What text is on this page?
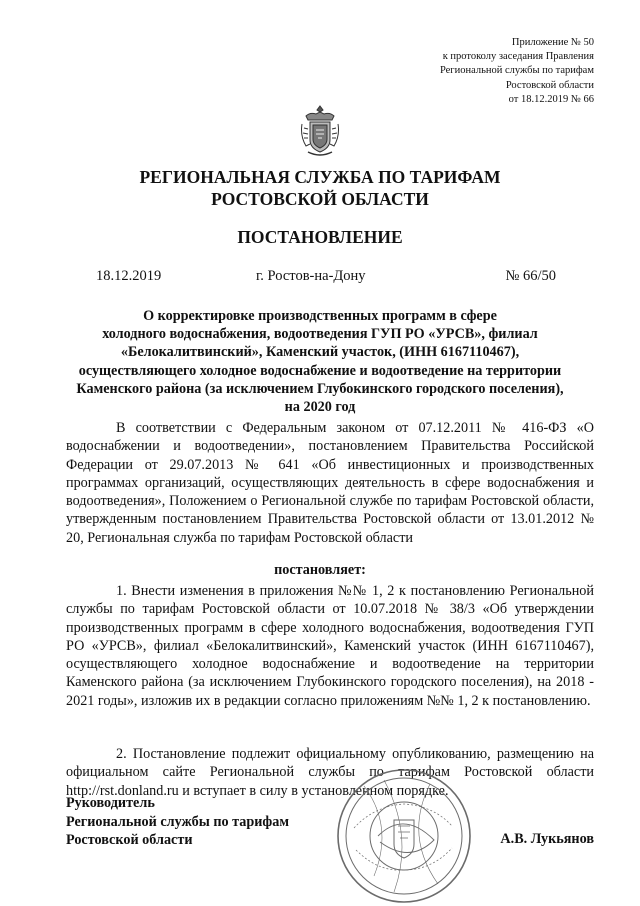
Приложение № 50
к протоколу заседания Правления
Региональной службы по тарифам
Ростовской области
от 18.12.2019 № 66
РЕГИОНАЛЬНАЯ СЛУЖБА ПО ТАРИФАМ
РОСТОВСКОЙ ОБЛАСТИ
ПОСТАНОВЛЕНИЕ
18.12.2019	г. Ростов-на-Дону	№ 66/50
О корректировке производственных программ в сфере
холодного водоснабжения, водоотведения ГУП РО «УРСВ», филиал
«Белокалитвинский», Каменский участок, (ИНН 6167110467),
осуществляющего холодное водоснабжение и водоотведение на территории
Каменского района (за исключением Глубокинского городского поселения),
на 2020 год
В соответствии с Федеральным законом от 07.12.2011 № 416-ФЗ «О водоснабжении и водоотведении», постановлением Правительства Российской Федерации от 29.07.2013 № 641 «Об инвестиционных и производственных программах организаций, осуществляющих деятельность в сфере водоснабжения и водоотведения», Положением о Региональной службе по тарифам Ростовской области, утвержденным постановлением Правительства Ростовской области от 13.01.2012 № 20, Региональная служба по тарифам Ростовской области
постановляет:
1. Внести изменения в приложения №№ 1, 2 к постановлению Региональной службы по тарифам Ростовской области от 10.07.2018 № 38/3 «Об утверждении производственных программ в сфере холодного водоснабжения, водоотведения ГУП РО «УРСВ», филиал «Белокалитвинский», Каменский участок (ИНН 6167110467), осуществляющего холодное водоснабжение и водоотведение на территории Каменского района (за исключением Глубокинского городского поселения), на 2018 - 2021 годы», изложив их в редакции согласно приложениям №№ 1, 2 к постановлению.
2. Постановление подлежит официальному опубликованию, размещению на официальном сайте Региональной службы по тарифам Ростовской области http://rst.donland.ru и вступает в силу в установленном порядке.
Руководитель
Региональной службы по тарифам
Ростовской области	А.В. Лукьянов
